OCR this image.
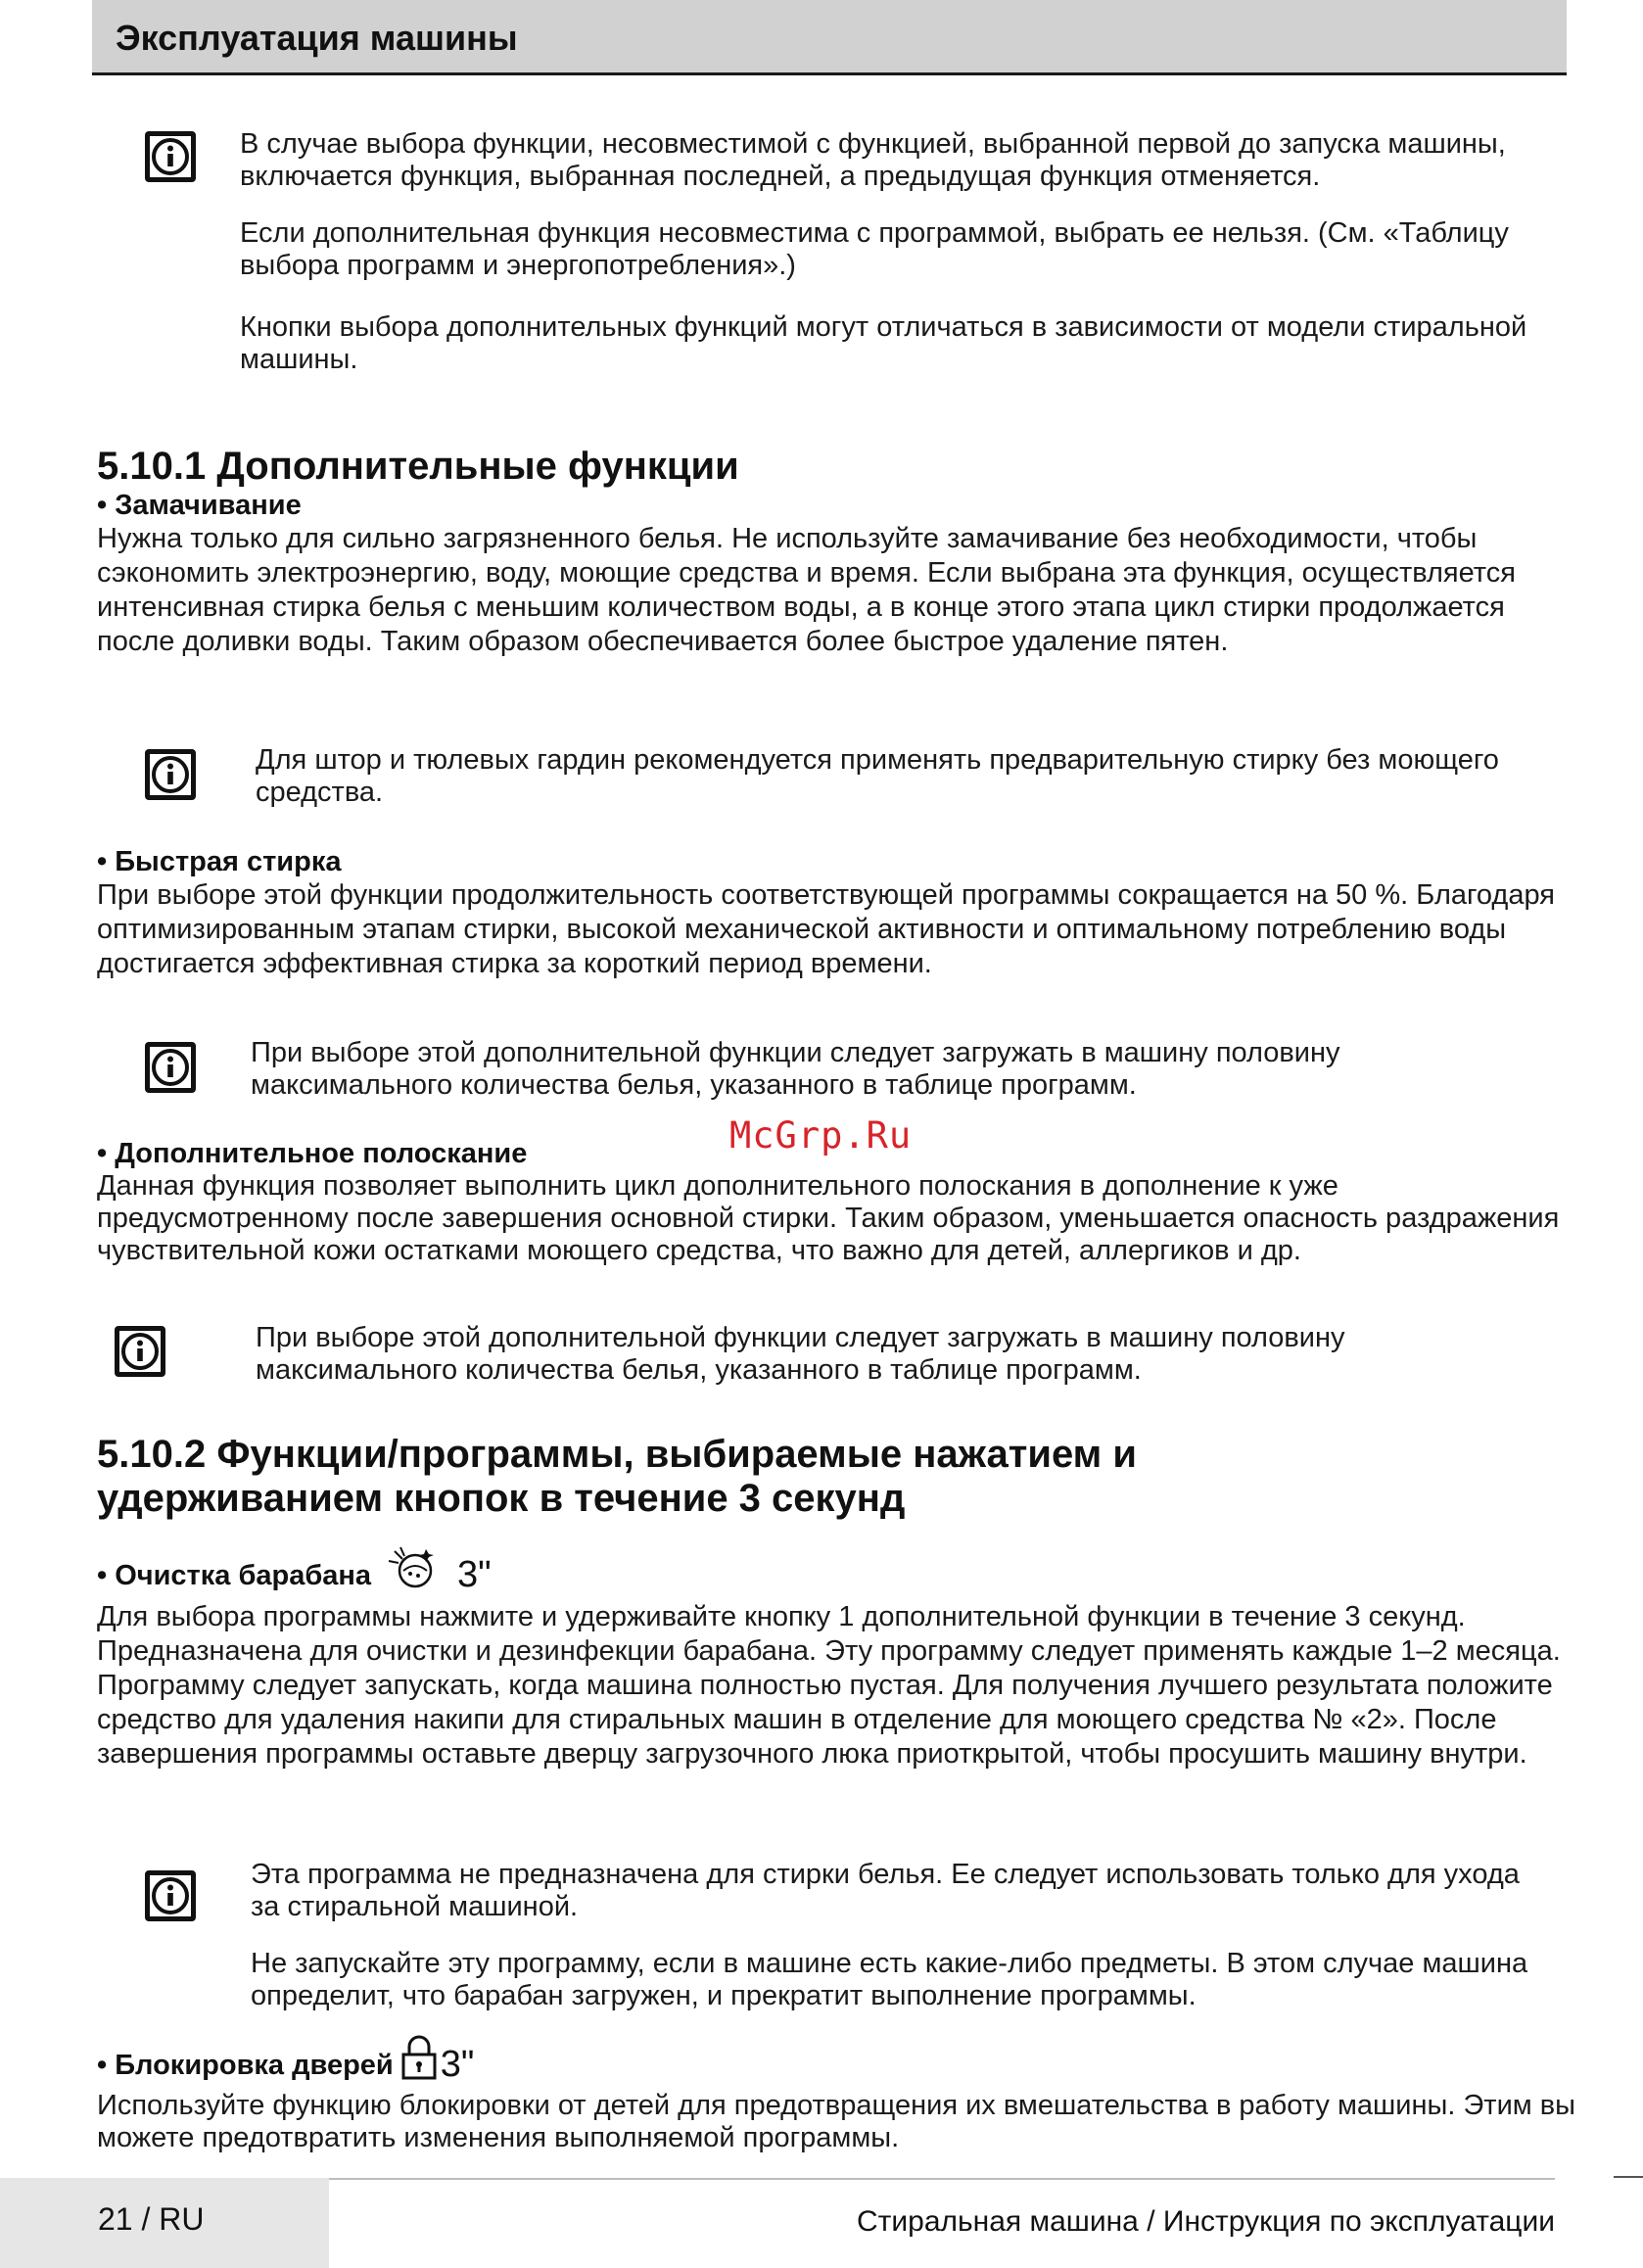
Эксплуатация машины

В случае выбора функции, несовместимой с функцией, выбранной первой до запуска машины, включается функция, выбранная последней, а предыдущая функция отменяется.

Если дополнительная функция несовместима с программой, выбрать ее нельзя. (См. «Таблицу выбора программ и энергопотребления».)

Кнопки выбора дополнительных функций могут отличаться в зависимости от модели стиральной машины.

5.10.1 Дополнительные функции

• Замачивание

Нужна только для сильно загрязненного белья. Не используйте замачивание без необходимости, чтобы сэкономить электроэнергию, воду, моющие средства и время. Если выбрана эта функция, осуществляется интенсивная стирка белья с меньшим количеством воды, а в конце этого этапа цикл стирки продолжается после доливки воды. Таким образом обеспечивается более быстрое удаление пятен.

Для штор и тюлевых гардин рекомендуется применять предварительную стирку без моющего средства.

• Быстрая стирка

При выборе этой функции продолжительность соответствующей программы сокращается на 50 %. Благодаря оптимизированным этапам стирки, высокой механической активности и оптимальному потреблению воды достигается эффективная стирка за короткий период времени.

При выборе этой дополнительной функции следует загружать в машину половину максимального количества белья, указанного в таблице программ.

McGrp.Ru

• Дополнительное полоскание

Данная функция позволяет выполнить цикл дополнительного полоскания в дополнение к уже предусмотренному после завершения основной стирки. Таким образом, уменьшается опасность раздражения чувствительной кожи остатками моющего средства, что важно для детей, аллергиков и др.

При выборе этой дополнительной функции следует загружать в машину половину максимального количества белья, указанного в таблице программ.

5.10.2 Функции/программы, выбираемые нажатием и

удерживанием кнопок в течение 3 секунд

• Очистка барабана 3"

Для выбора программы нажмите и удерживайте кнопку 1 дополнительной функции в течение 3 секунд.

Предназначена для очистки и дезинфекции барабана. Эту программу следует применять каждые 1–2 месяца. Программу следует запускать, когда машина полностью пустая. Для получения лучшего результата положите средство для удаления накипи для стиральных машин в отделение для моющего средства № «2». После завершения программы оставьте дверцу загрузочного люка приоткрытой, чтобы просушить машину внутри.

Эта программа не предназначена для стирки белья. Ее следует использовать только для ухода за стиральной машиной.

Не запускайте эту программу, если в машине есть какие-либо предметы. В этом случае машина определит, что барабан загружен, и прекратит выполнение программы.

• Блокировка дверей 3"

Используйте функцию блокировки от детей для предотвращения их вмешательства в работу машины. Этим вы можете предотвратить изменения выполняемой программы.

21 / RU	Стиральная машина / Инструкция по эксплуатации
